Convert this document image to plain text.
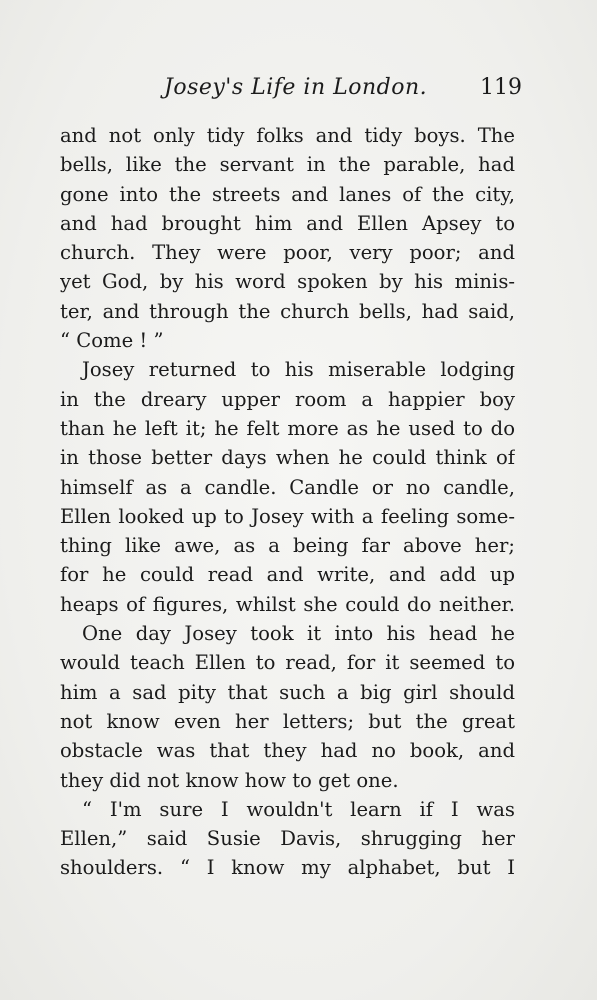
Josey's Life in London. 119
and not only tidy folks and tidy boys. The
bells, like the servant in the parable, had
gone into the streets and lanes of the city,
and had brought him and Ellen Apsey to
church. They were poor, very poor; and
yet God, by his word spoken by his minis-
ter, and through the church bells, had said,
“ Come ! ”
Josey returned to his miserable lodging
in the dreary upper room a happier boy
than he left it; he felt more as he used to do
in those better days when he could think of
himself as a candle. Candle or no candle,
Ellen looked up to Josey with a feeling some-
thing like awe, as a being far above her;
for he could read and write, and add up
heaps of figures, whilst she could do neither.
One day Josey took it into his head he
would teach Ellen to read, for it seemed to
him a sad pity that such a big girl should
not know even her letters; but the great
obstacle was that they had no book, and
they did not know how to get one.
“ I'm sure I wouldn't learn if I was
Ellen,” said Susie Davis, shrugging her
shoulders. “ I know my alphabet, but I
